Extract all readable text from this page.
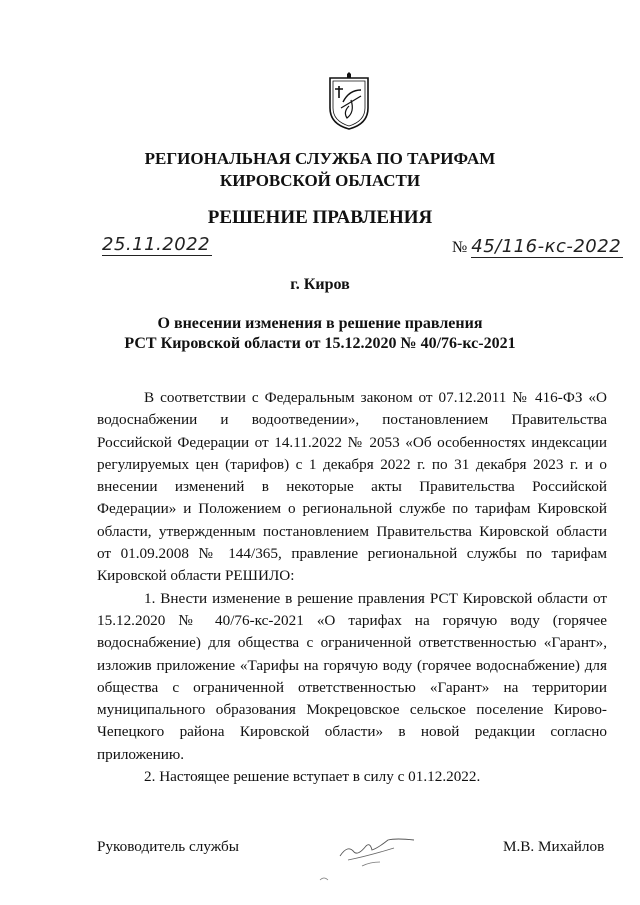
РЕГИОНАЛЬНАЯ СЛУЖБА ПО ТАРИФАМ
КИРОВСКОЙ ОБЛАСТИ
РЕШЕНИЕ ПРАВЛЕНИЯ
25.11.2022	№ 45/116-кс-2022
г. Киров
О внесении изменения в решение правления
РСТ Кировской области от 15.12.2020 № 40/76-кс-2021

В соответствии с Федеральным законом от 07.12.2011 № 416-ФЗ «О водоснабжении и водоотведении», постановлением Правительства Российской Федерации от 14.11.2022 № 2053 «Об особенностях индексации регулируемых цен (тарифов) с 1 декабря 2022 г. по 31 декабря 2023 г. и о внесении изменений в некоторые акты Правительства Российской Федерации» и Положением о региональной службе по тарифам Кировской области, утвержденным постановлением Правительства Кировской области от 01.09.2008 № 144/365, правление региональной службы по тарифам Кировской области РЕШИЛО:

1. Внести изменение в решение правления РСТ Кировской области от 15.12.2020 № 40/76-кс-2021 «О тарифах на горячую воду (горячее водоснабжение) для общества с ограниченной ответственностью «Гарант», изложив приложение «Тарифы на горячую воду (горячее водоснабжение) для общества с ограниченной ответственностью «Гарант» на территории муниципального образования Мокрецовское сельское поселение Кирово-Чепецкого района Кировской области» в новой редакции согласно приложению.

2. Настоящее решение вступает в силу с 01.12.2022.

Руководитель службы	М.В. Михайлов
